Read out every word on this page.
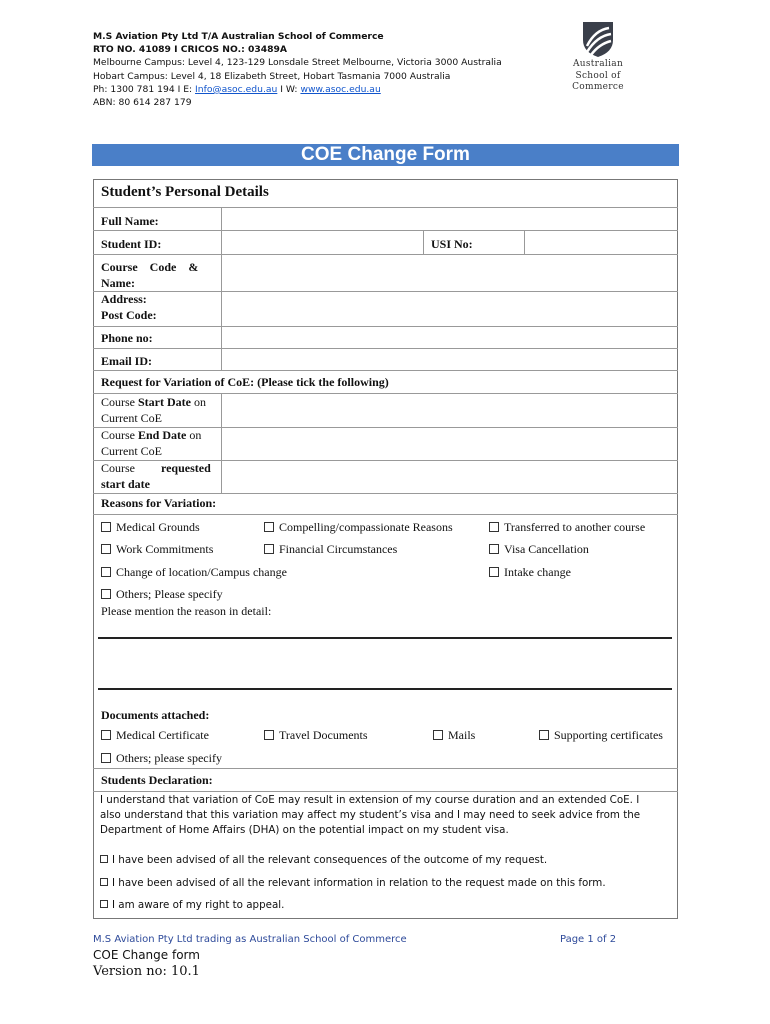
M.S Aviation Pty Ltd T/A Australian School of Commerce
RTO NO. 41089 I CRICOS NO.: 03489A
Melbourne Campus: Level 4, 123-129 Lonsdale Street Melbourne, Victoria 3000 Australia
Hobart Campus: Level 4, 18 Elizabeth Street, Hobart Tasmania 7000 Australia
Ph: 1300 781 194 I E: Info@asoc.edu.au I W: www.asoc.edu.au
ABN: 80 614 287 179
Australian
School of
Commerce
COE Change Form
Student’s Personal Details
Full Name:
Student ID:	USI No:
Course    Code    &
Name:
Address:
Post Code:
Phone no:
Email ID:
Request for Variation of CoE: (Please tick the following)
Course Start Date on
Current CoE
Course End Date on
Current CoE
Course requested
start date
Reasons for Variation:
Medical Grounds	Compelling/compassionate Reasons	Transferred to another course
Work Commitments	Financial Circumstances	Visa Cancellation
Change of location/Campus change	Intake change
Others; Please specify
Please mention the reason in detail:
Documents attached:
Medical Certificate	Travel Documents	Mails	Supporting certificates
Others; please specify
Students Declaration:
I understand that variation of CoE may result in extension of my course duration and an extended CoE. I also understand that this variation may affect my student’s visa and I may need to seek advice from the Department of Home Affairs (DHA) on the potential impact on my student visa.
I have been advised of all the relevant consequences of the outcome of my request.
I have been advised of all the relevant information in relation to the request made on this form.
I am aware of my right to appeal.
M.S Aviation Pty Ltd trading as Australian School of Commerce	Page 1 of 2
COE Change form
Version no: 10.1
